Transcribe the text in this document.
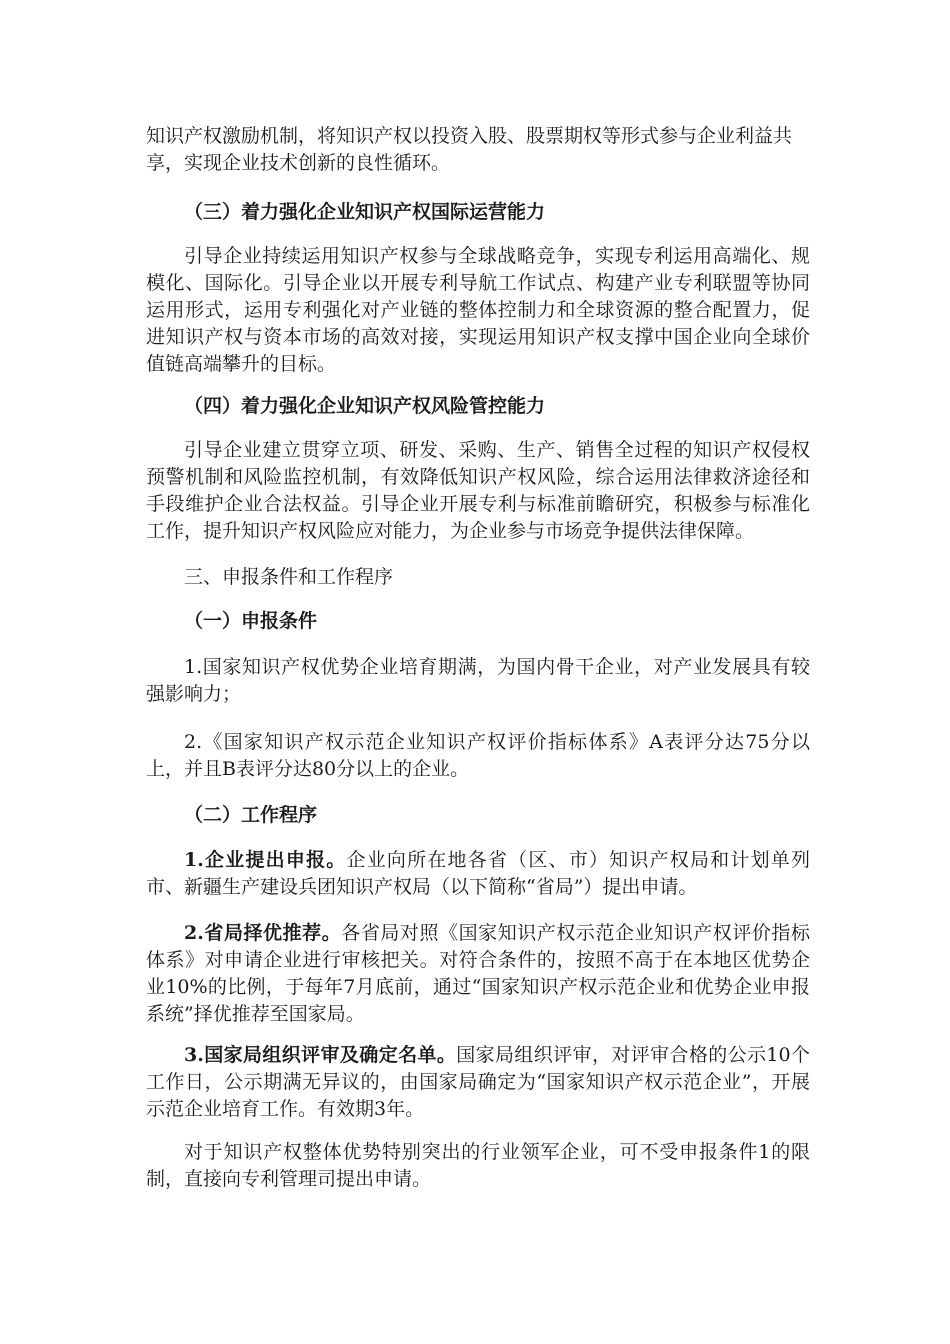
知识产权激励机制，将知识产权以投资入股、股票期权等形式参与企业利益共享，实现企业技术创新的良性循环。

（三）着力强化企业知识产权国际运营能力

引导企业持续运用知识产权参与全球战略竞争，实现专利运用高端化、规模化、国际化。引导企业以开展专利导航工作试点、构建产业专利联盟等协同运用形式，运用专利强化对产业链的整体控制力和全球资源的整合配置力，促进知识产权与资本市场的高效对接，实现运用知识产权支撑中国企业向全球价值链高端攀升的目标。

（四）着力强化企业知识产权风险管控能力

引导企业建立贯穿立项、研发、采购、生产、销售全过程的知识产权侵权预警机制和风险监控机制，有效降低知识产权风险，综合运用法律救济途径和手段维护企业合法权益。引导企业开展专利与标准前瞻研究，积极参与标准化工作，提升知识产权风险应对能力，为企业参与市场竞争提供法律保障。

三、申报条件和工作程序

（一）申报条件

1.国家知识产权优势企业培育期满，为国内骨干企业，对产业发展具有较强影响力；

2.《国家知识产权示范企业知识产权评价指标体系》A表评分达75分以上，并且B表评分达80分以上的企业。

（二）工作程序

1.企业提出申报。企业向所在地各省（区、市）知识产权局和计划单列市、新疆生产建设兵团知识产权局（以下简称“省局”）提出申请。

2.省局择优推荐。各省局对照《国家知识产权示范企业知识产权评价指标体系》对申请企业进行审核把关。对符合条件的，按照不高于在本地区优势企业10%的比例，于每年7月底前，通过“国家知识产权示范企业和优势企业申报系统”择优推荐至国家局。

3.国家局组织评审及确定名单。国家局组织评审，对评审合格的公示10个工作日，公示期满无异议的，由国家局确定为“国家知识产权示范企业”，开展示范企业培育工作。有效期3年。

对于知识产权整体优势特别突出的行业领军企业，可不受申报条件1的限制，直接向专利管理司提出申请。
